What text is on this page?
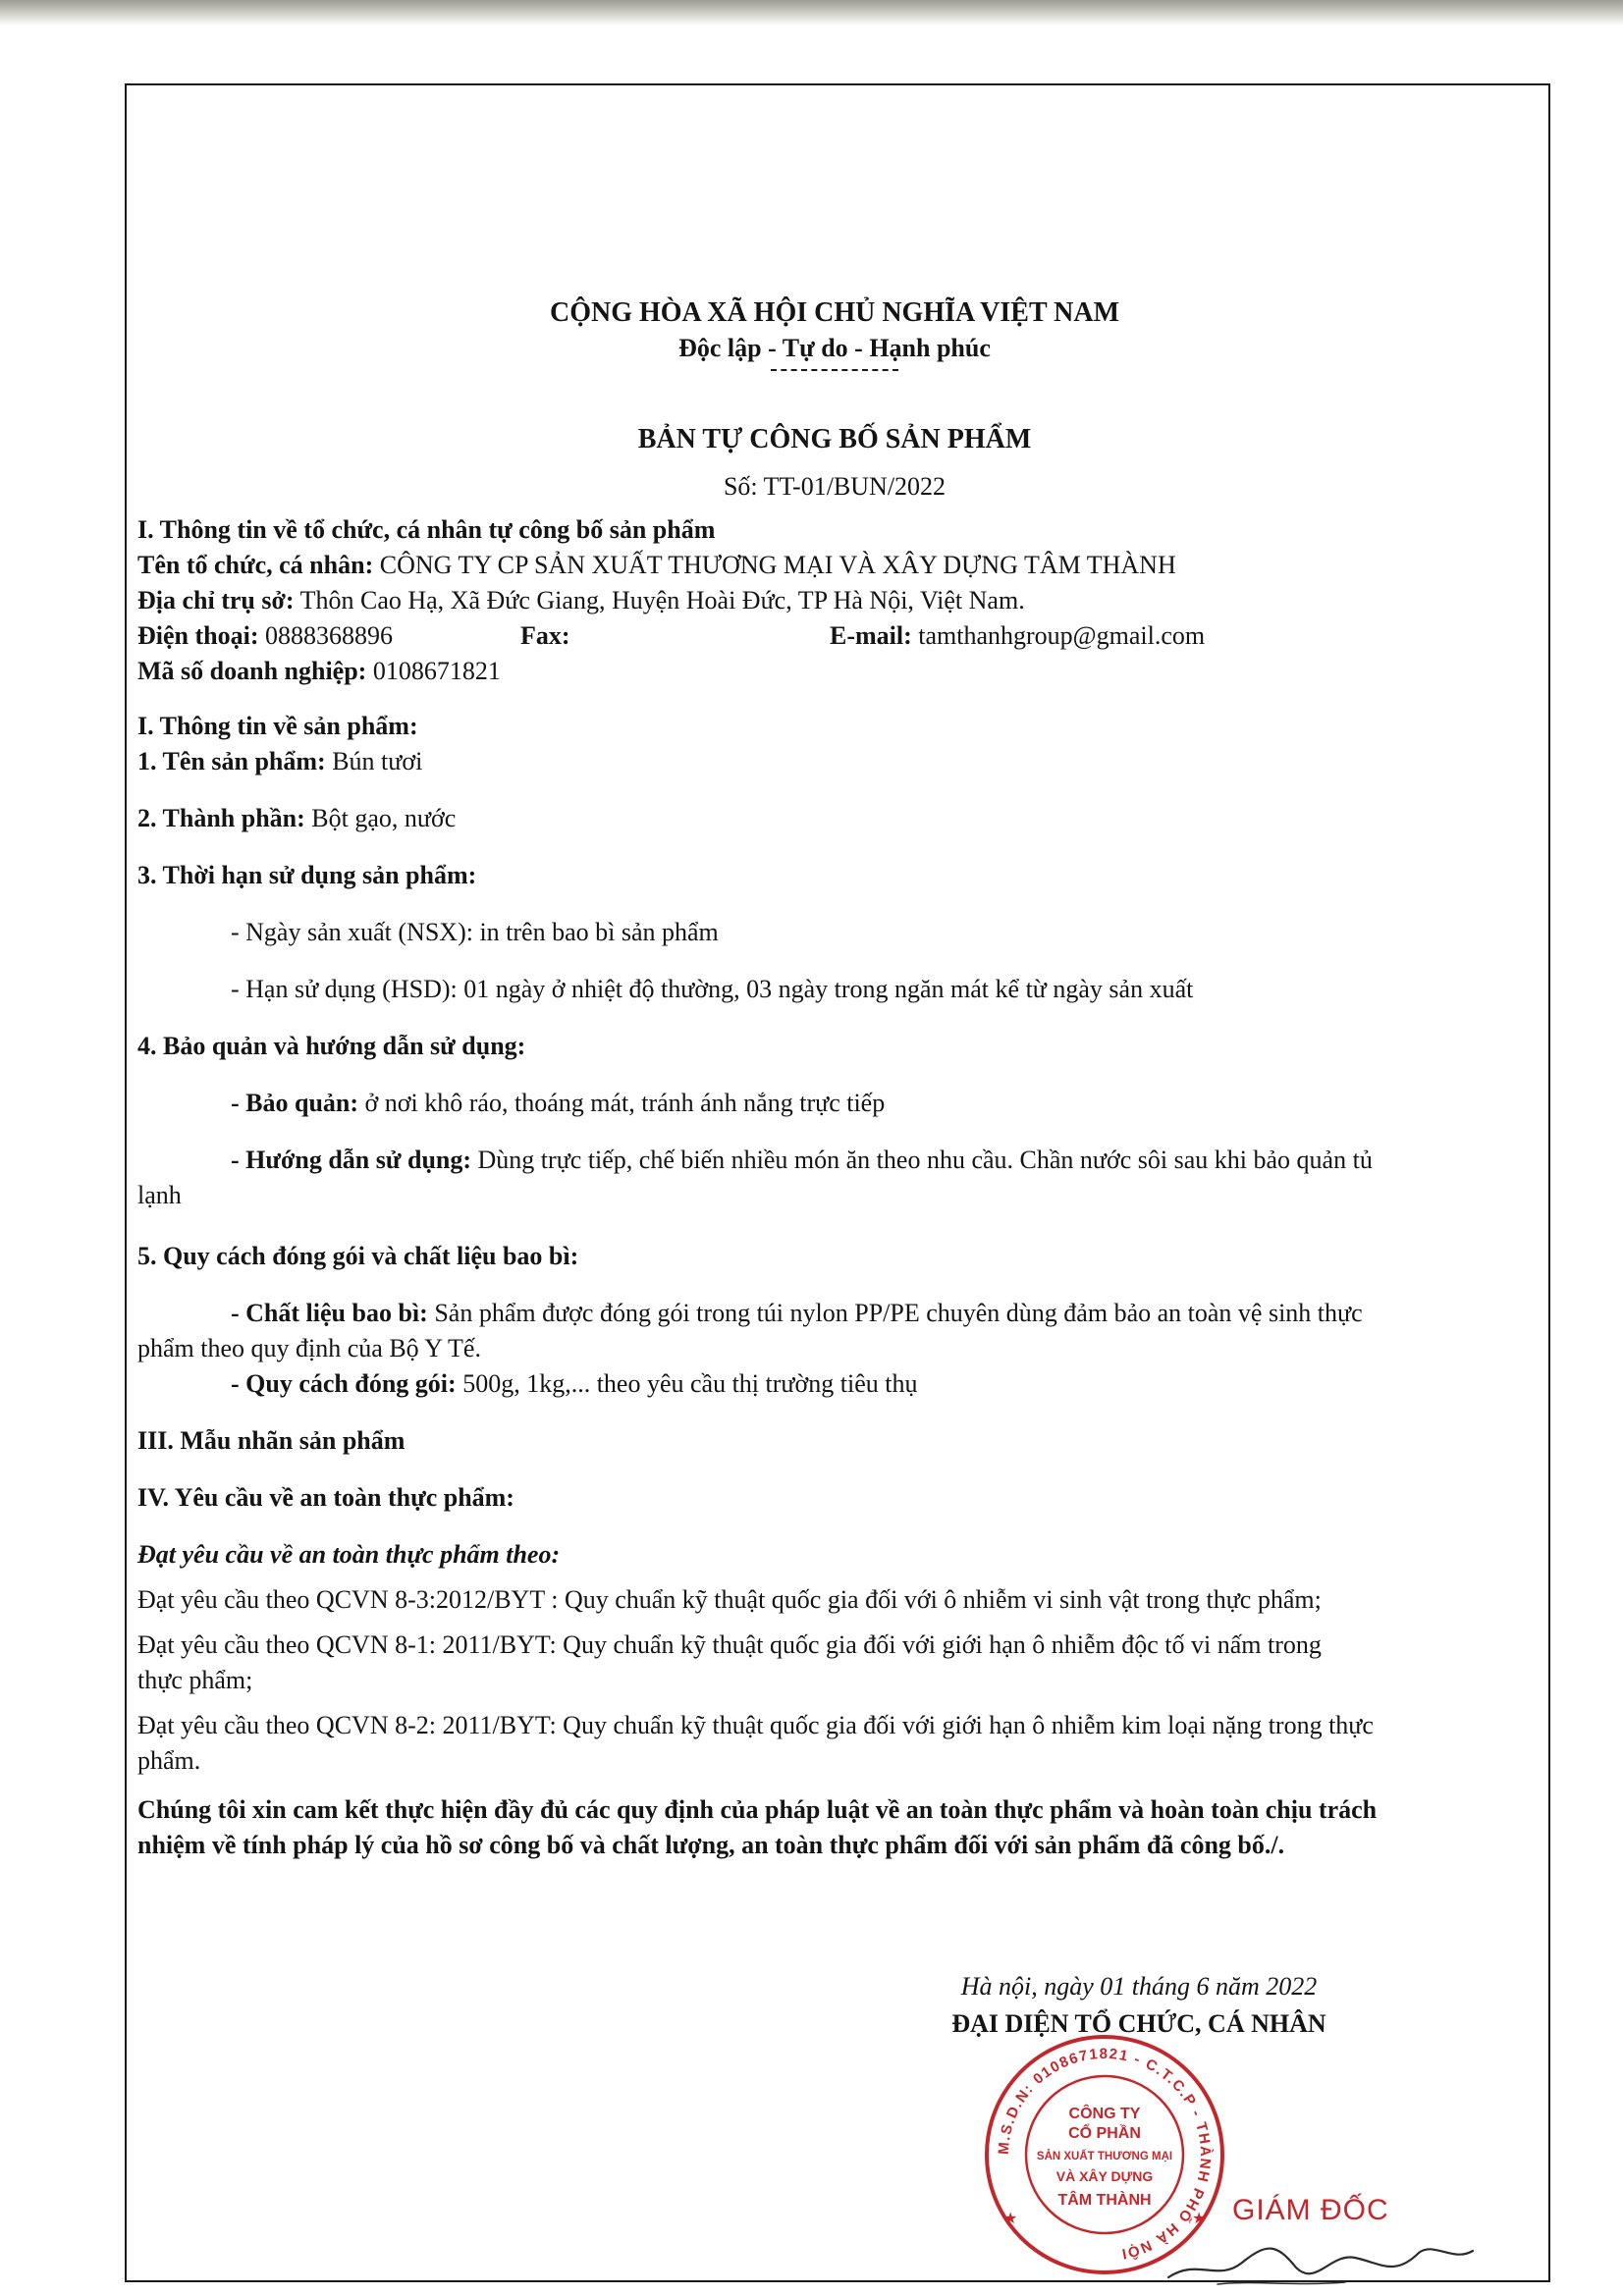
CỘNG HÒA XÃ HỘI CHỦ NGHĨA VIỆT NAM
Độc lập - Tự do - Hạnh phúc
BẢN TỰ CÔNG BỐ SẢN PHẨM
Số: TT-01/BUN/2022

I. Thông tin về tổ chức, cá nhân tự công bố sản phẩm

Tên tổ chức, cá nhân: CÔNG TY CP SẢN XUẤT THƯƠNG MẠI VÀ XÂY DỰNG TÂM THÀNH

Địa chỉ trụ sở: Thôn Cao Hạ, Xã Đức Giang, Huyện Hoài Đức, TP Hà Nội, Việt Nam.

Điện thoại: 0888368896	Fax:	E-mail: tamthanhgroup@gmail.com

Mã số doanh nghiệp: 0108671821

I. Thông tin về sản phẩm:

1. Tên sản phẩm: Bún tươi

2. Thành phần: Bột gạo, nước

3. Thời hạn sử dụng sản phẩm:

- Ngày sản xuất (NSX): in trên bao bì sản phẩm

- Hạn sử dụng (HSD): 01 ngày ở nhiệt độ thường, 03 ngày trong ngăn mát kể từ ngày sản xuất

4. Bảo quản và hướng dẫn sử dụng:

- Bảo quản: ở nơi khô ráo, thoáng mát, tránh ánh nắng trực tiếp

- Hướng dẫn sử dụng: Dùng trực tiếp, chế biến nhiều món ăn theo nhu cầu. Chần nước sôi sau khi bảo quản tủ

lạnh

5. Quy cách đóng gói và chất liệu bao bì:

- Chất liệu bao bì: Sản phẩm được đóng gói trong túi nylon PP/PE chuyên dùng đảm bảo an toàn vệ sinh thực

phẩm theo quy định của Bộ Y Tế.

- Quy cách đóng gói: 500g, 1kg,... theo yêu cầu thị trường tiêu thụ

III. Mẫu nhãn sản phẩm

IV. Yêu cầu về an toàn thực phẩm:

Đạt yêu cầu về an toàn thực phẩm theo:

Đạt yêu cầu theo QCVN 8-3:2012/BYT : Quy chuẩn kỹ thuật quốc gia đối với ô nhiễm vi sinh vật trong thực phẩm;

Đạt yêu cầu theo QCVN 8-1: 2011/BYT: Quy chuẩn kỹ thuật quốc gia đối với giới hạn ô nhiễm độc tố vi nấm trong

thực phẩm;

Đạt yêu cầu theo QCVN 8-2: 2011/BYT: Quy chuẩn kỹ thuật quốc gia đối với giới hạn ô nhiễm kim loại nặng trong thực

phẩm.

Chúng tôi xin cam kết thực hiện đầy đủ các quy định của pháp luật về an toàn thực phẩm và hoàn toàn chịu trách

nhiệm về tính pháp lý của hồ sơ công bố và chất lượng, an toàn thực phẩm đối với sản phẩm đã công bố./.

Hà nội, ngày 01 tháng 6 năm 2022
ĐẠI DIỆN TỔ CHỨC, CÁ NHÂN
M.S.D.N: 0108671821 - C.T.C.P - THÀNH PHỐ HÀ NỘI
CÔNG TY
CỔ PHẦN
SẢN XUẤT THƯƠNG MẠI
VÀ XÂY DỰNG
TÂM THÀNH
★	★ GIÁM ĐỐC
